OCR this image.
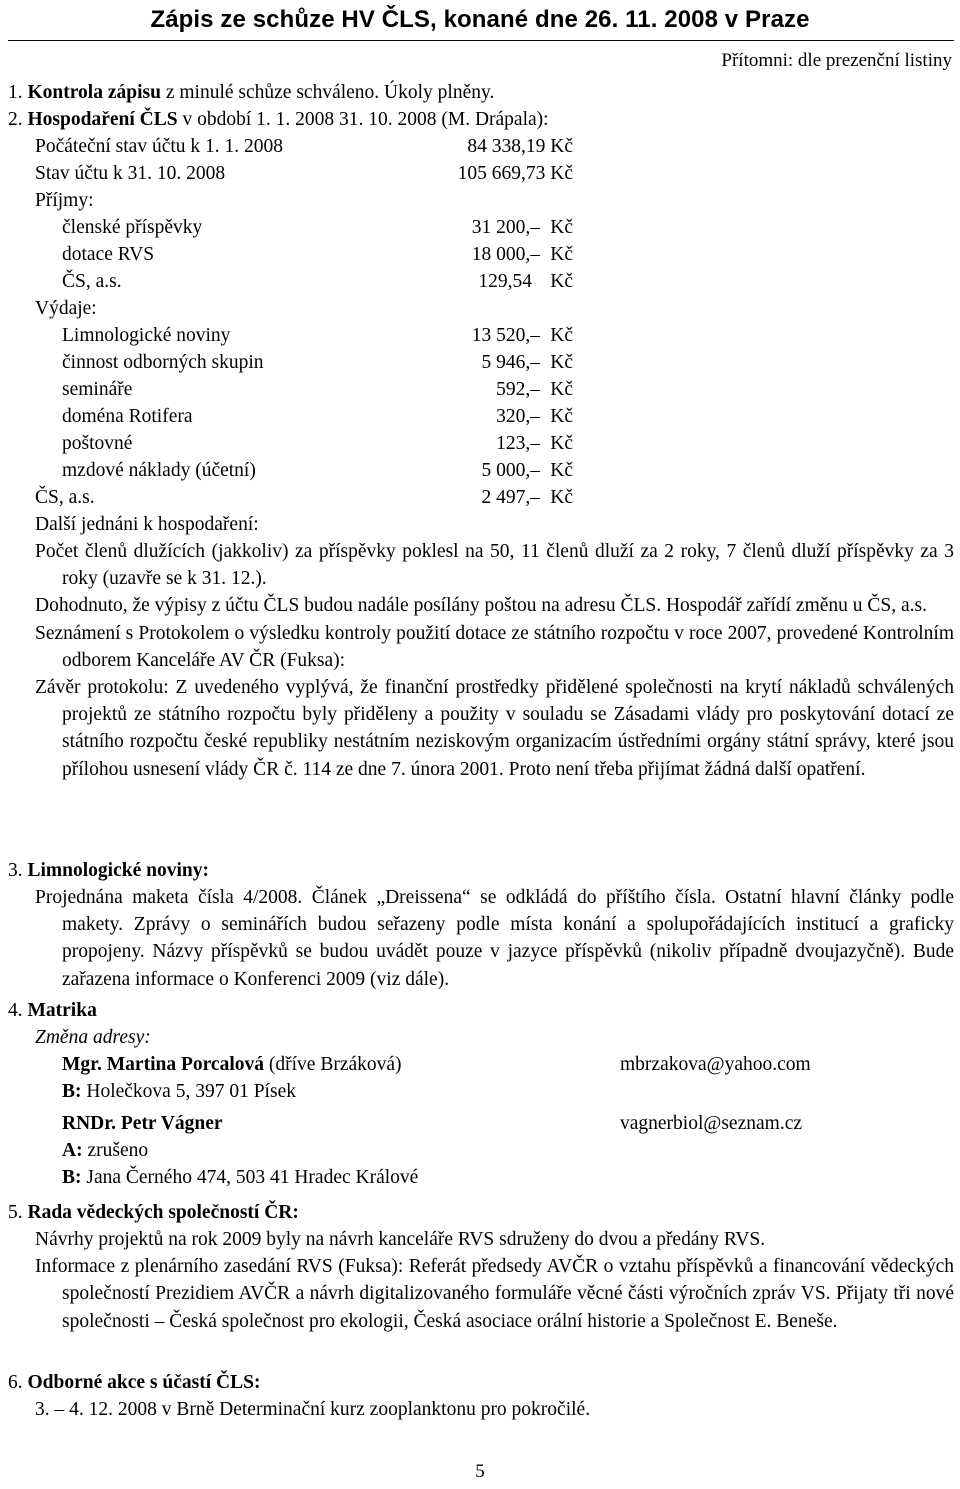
Zápis ze schůze HV ČLS, konané dne 26. 11. 2008 v Praze
Přítomni: dle prezenční listiny
1. Kontrola zápisu z minulé schůze schváleno. Úkoly plněny.
2. Hospodaření ČLS v období 1. 1. 2008 31. 10. 2008 (M. Drápala):
Počáteční stav účtu k 1. 1. 2008	84 338,19 Kč
Stav účtu k 31. 10. 2008	105 669,73 Kč
Příjmy:
členské příspěvky	31 200,– Kč
dotace RVS	18 000,– Kč
ČS, a.s.	129,54 Kč
Výdaje:
Limnologické noviny	13 520,– Kč
činnost odborných skupin	5 946,– Kč
semináře	592,– Kč
doména Rotifera	320,– Kč
poštovné	123,– Kč
mzdové náklady (účetní)	5 000,– Kč
ČS, a.s.	2 497,– Kč
Další jednáni k hospodaření:

Počet členů dlužících (jakkoliv) za příspěvky poklesl na 50, 11 členů dluží za 2 roky, 7 členů dluží příspěvky za 3 roky (uzavře se k 31. 12.).

Dohodnuto, že výpisy z účtu ČLS budou nadále posílány poštou na adresu ČLS. Hospodář zařídí změnu u ČS, a.s.

Seznámení s Protokolem o výsledku kontroly použití dotace ze státního rozpočtu v roce 2007, provedené Kontrolním odborem Kanceláře AV ČR (Fuksa):

Závěr protokolu: Z uvedeného vyplývá, že finanční prostředky přidělené společnosti na krytí nákladů schválených projektů ze státního rozpočtu byly přiděleny a použity v souladu se Zásadami vlády pro poskytování dotací ze státního rozpočtu české republiky nestátním neziskovým organizacím ústředními orgány státní správy, které jsou přílohou usnesení vlády ČR č. 114 ze dne 7. února 2001. Proto není třeba přijímat žádná další opatření.

3. Limnologické noviny:

Projednána maketa čísla 4/2008. Článek „Dreissena“ se odkládá do příštího čísla. Ostatní hlavní články podle makety. Zprávy o seminářích budou seřazeny podle místa konání a spolupořádajících institucí a graficky propojeny. Názvy příspěvků se budou uvádět pouze v jazyce příspěvků (nikoliv případně dvoujazyčně). Bude zařazena informace o Konferenci 2009 (viz dále).

4. Matrika
Změna adresy:
Mgr. Martina Porcalová (dříve Brzáková)	mbrzakova@yahoo.com
B: Holečkova 5, 397 01 Písek
RNDr. Petr Vágner	vagnerbiol@seznam.cz
A: zrušeno
B: Jana Černého 474, 503 41 Hradec Králové
5. Rada vědeckých společností ČR:

Návrhy projektů na rok 2009 byly na návrh kanceláře RVS sdruženy do dvou a předány RVS.

Informace z plenárního zasedání RVS (Fuksa): Referát předsedy AVČR o vztahu příspěvků a financování vědeckých společností Prezidiem AVČR a návrh digitalizovaného formuláře věcné části výročních zpráv VS. Přijaty tři nové společnosti – Česká společnost pro ekologii, Česká asociace orální historie a Společnost E. Beneše.

6. Odborné akce s účastí ČLS:
3. – 4. 12. 2008 v Brně Determinační kurz zooplanktonu pro pokročilé.
5
